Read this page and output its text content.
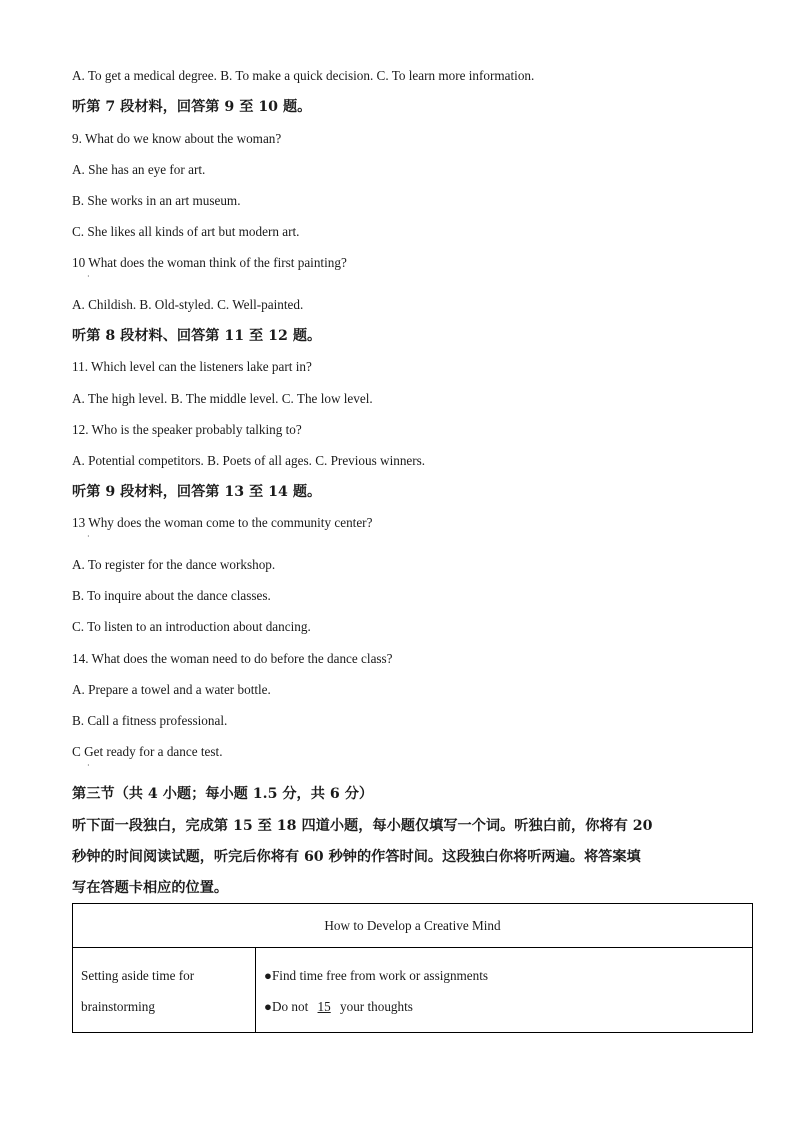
A. To get a medical degree. B. To make a quick decision. C. To learn more information.
听第 7 段材料，回答第 9 至 10 题。
9. What do we know about the woman?
A. She has an eye for art.
B. She works in an art museum.
C. She likes all kinds of art but modern art.
10 What does the woman think of the first painting?
·
A. Childish. B. Old-styled. C. Well-painted.
听第 8 段材料、回答第 11 至 12 题。
11. Which level can the listeners lake part in?
A. The high level. B. The middle level. C. The low level.
12. Who is the speaker probably talking to?
A. Potential competitors. B. Poets of all ages. C. Previous winners.
听第 9 段材料，回答第 13 至 14 题。
13 Why does the woman come to the community center?
·
A. To register for the dance workshop.
B. To inquire about the dance classes.
C. To listen to an introduction about dancing.
14. What does the woman need to do before the dance class?
A. Prepare a towel and a water bottle.
B. Call a fitness professional.
C Get ready for a dance test.
·
第三节（共 4 小题；每小题 1.5 分，共 6 分）
听下面一段独白，完成第 15 至 18 四道小题，每小题仅填写一个词。听独白前，你将有 20
秒钟的时间阅读试题，听完后你将有 60 秒钟的作答时间。这段独白你将听两遍。将答案填
写在答题卡相应的位置。
How to Develop a Creative Mind

Setting aside time for
brainstorming

●Find time free from work or assignments
●Do not 15 your thoughts
